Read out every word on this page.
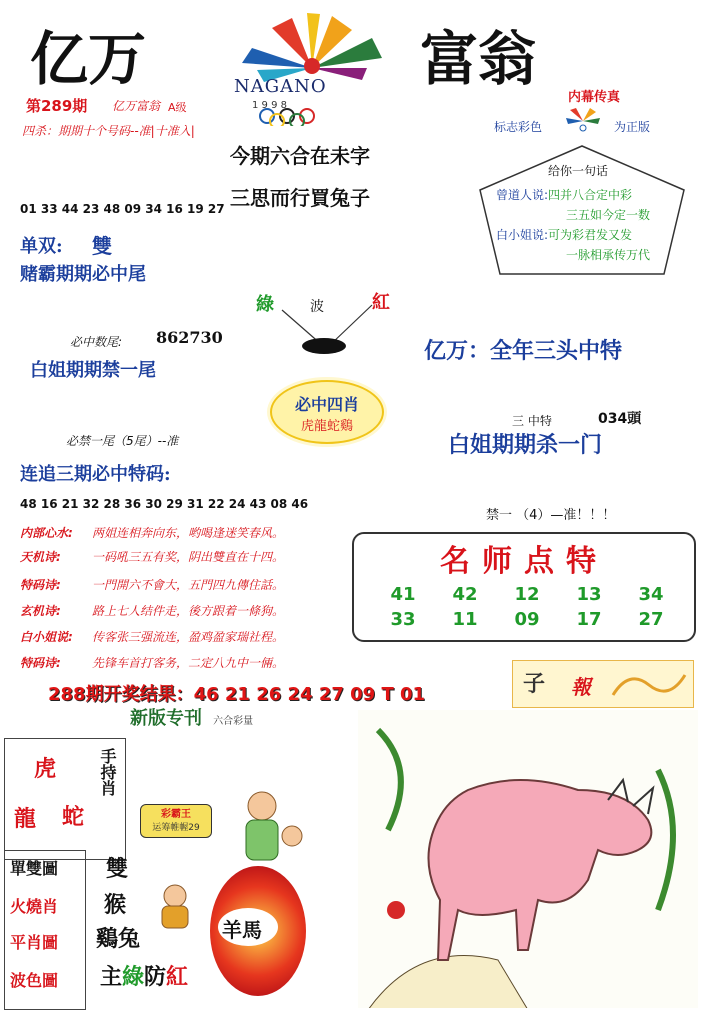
亿万	富翁
NAGANO
1 9 9 8
第289期 亿万富翁 A级
四杀：期期十个号码--准|十准入|
今期六合在未字
三思而行買兔子
内幕传真
标志彩色	为正版
给你一句话
曾道人说:四并八合定中彩
三五如今定一数
白小姐说:可为彩君发又发
一脉相承传万代
01 33 44 23 48 09 34 16 19 27
单双: 雙
赌霸期期必中尾
綠	波	紅
必中数尾: 862730
白姐期期禁一尾
亿万：全年三头中特
必中四肖
虎龍蛇鷄	三 中特	034頭
白姐期期杀一门
必禁一尾（5尾）--准
连追三期必中特码:
48 16 21 32 28 36 30 29 31 22 24 43 08 46
禁一 （4）—准！！！
内部心水: 两姐连相奔向东，哟喝逢迷笑春风。
天机诗:	一码吼三五有奖，阴出雙直在十四。
特码诗:	一門開六不會大，五門四九傳住話。
玄机诗:	路上七人结件走，後方跟着一條狗。
白小姐说: 传客张三强流连，盈鸡盈家瑞社程。
特码诗:	先锋车首打客务，二定八九中一倆。
名师点特
41 42 12 13 34
33 11 09 17 27
288期开奖结果：46 21 26 24 27 09 T 01	子 報
新版专刊 六合彩量
虎
龍 蛇
手持肖
彩霸王
运筹帷幄29
單雙圖
火燒肖
平肖圖
波色圖
雙
猴
鷄兔	羊馬
主綠防紅
